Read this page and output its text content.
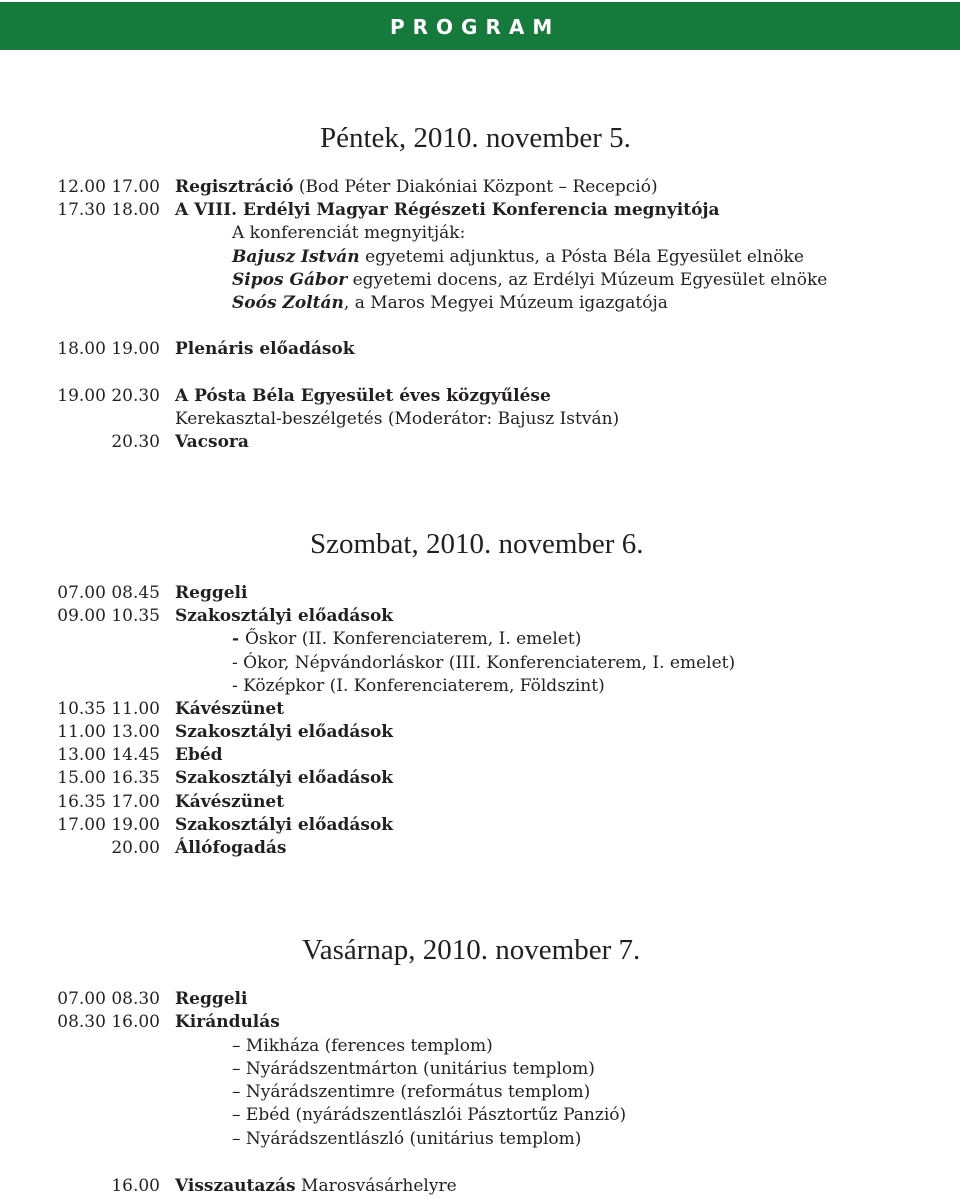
PROGRAM
Péntek, 2010. november 5.
12.00 17.00 Regisztráció (Bod Péter Diakóniai Központ – Recepció)
17.30 18.00 A VIII. Erdélyi Magyar Régészeti Konferencia megnyitója
A konferenciát megnyitják:
Bajusz István egyetemi adjunktus, a Pósta Béla Egyesület elnöke
Sipos Gábor egyetemi docens, az Erdélyi Múzeum Egyesület elnöke
Soós Zoltán, a Maros Megyei Múzeum igazgatója
18.00 19.00 Plenáris előadások
19.00 20.30 A Pósta Béla Egyesület éves közgyűlése
Kerekasztal-beszélgetés (Moderátor: Bajusz István)
20.30 Vacsora
Szombat, 2010. november 6.
07.00 08.45 Reggeli
09.00 10.35 Szakosztályi előadások
- Őskor (II. Konferenciaterem, I. emelet)
- Ókor, Népvándorláskor (III. Konferenciaterem, I. emelet)
- Középkor (I. Konferenciaterem, Földszint)
10.35 11.00 Kávészünet
11.00 13.00 Szakosztályi előadások
13.00 14.45 Ebéd
15.00 16.35 Szakosztályi előadások
16.35 17.00 Kávészünet
17.00 19.00 Szakosztályi előadások
20.00 Állófogadás
Vasárnap, 2010. november 7.
07.00 08.30 Reggeli
08.30 16.00 Kirándulás
– Mikháza (ferences templom)
– Nyárádszentmárton (unitárius templom)
– Nyárádszentimre (református templom)
– Ebéd (nyárádszentlászlói Pásztortűz Panzió)
– Nyárádszentlászló (unitárius templom)
16.00 Visszautazás Marosvásárhelyre
